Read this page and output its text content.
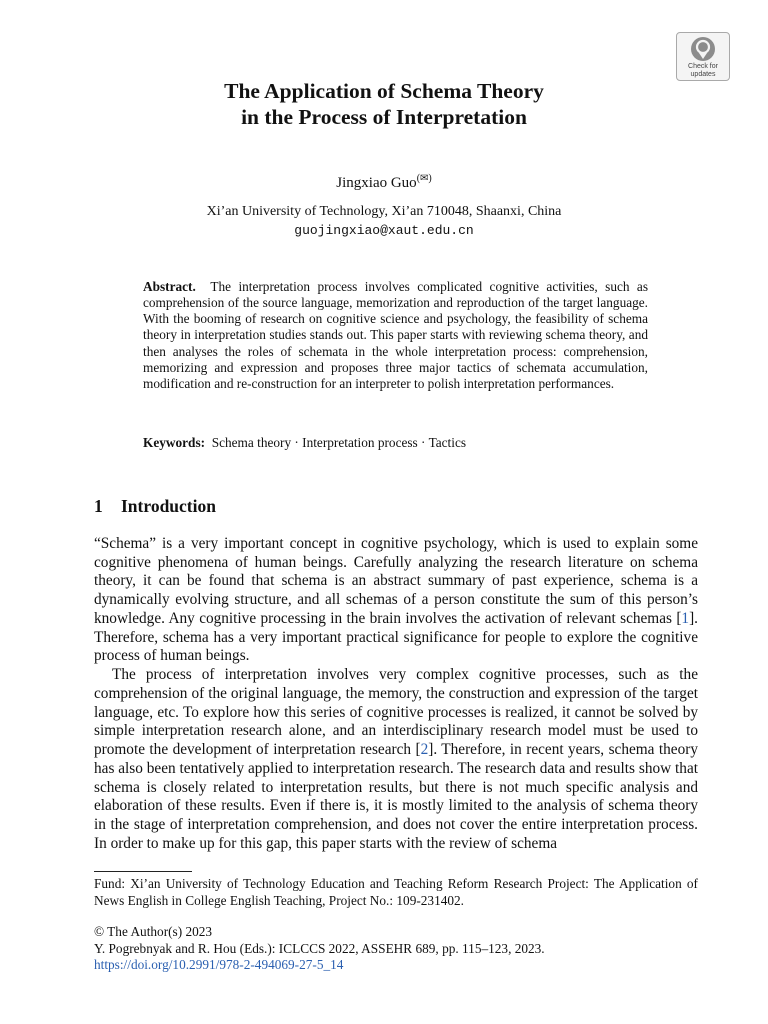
Check for
updates
The Application of Schema Theory
in the Process of Interpretation
Jingxiao Guo(✉)
Xi’an University of Technology, Xi’an 710048, Shaanxi, China
guojingxiao@xaut.edu.cn
Abstract. The interpretation process involves complicated cognitive activities, such as comprehension of the source language, memorization and reproduction of the target language. With the booming of research on cognitive science and psychology, the feasibility of schema theory in interpretation studies stands out. This paper starts with reviewing schema theory, and then analyses the roles of schemata in the whole interpretation process: comprehension, memorizing and expression and proposes three major tactics of schemata accumulation, modification and re-construction for an interpreter to polish interpretation performances.
Keywords: Schema theory · Interpretation process · Tactics
1 Introduction

“Schema” is a very important concept in cognitive psychology, which is used to explain some cognitive phenomena of human beings. Carefully analyzing the research literature on schema theory, it can be found that schema is an abstract summary of past experience, schema is a dynamically evolving structure, and all schemas of a person constitute the sum of this person’s knowledge. Any cognitive processing in the brain involves the activation of relevant schemas [1]. Therefore, schema has a very important practical significance for people to explore the cognitive process of human beings.

The process of interpretation involves very complex cognitive processes, such as the comprehension of the original language, the memory, the construction and expression of the target language, etc. To explore how this series of cognitive processes is realized, it cannot be solved by simple interpretation research alone, and an interdisciplinary research model must be used to promote the development of interpretation research [2]. Therefore, in recent years, schema theory has also been tentatively applied to interpretation research. The research data and results show that schema is closely related to interpretation results, but there is not much specific analysis and elaboration of these results. Even if there is, it is mostly limited to the analysis of schema theory in the stage of interpretation comprehension, and does not cover the entire interpretation process. In order to make up for this gap, this paper starts with the review of schema

Fund: Xi’an University of Technology Education and Teaching Reform Research Project: The Application of News English in College English Teaching, Project No.: 109-231402.
© The Author(s) 2023
Y. Pogrebnyak and R. Hou (Eds.): ICLCCS 2022, ASSEHR 689, pp. 115–123, 2023.
https://doi.org/10.2991/978-2-494069-27-5_14
